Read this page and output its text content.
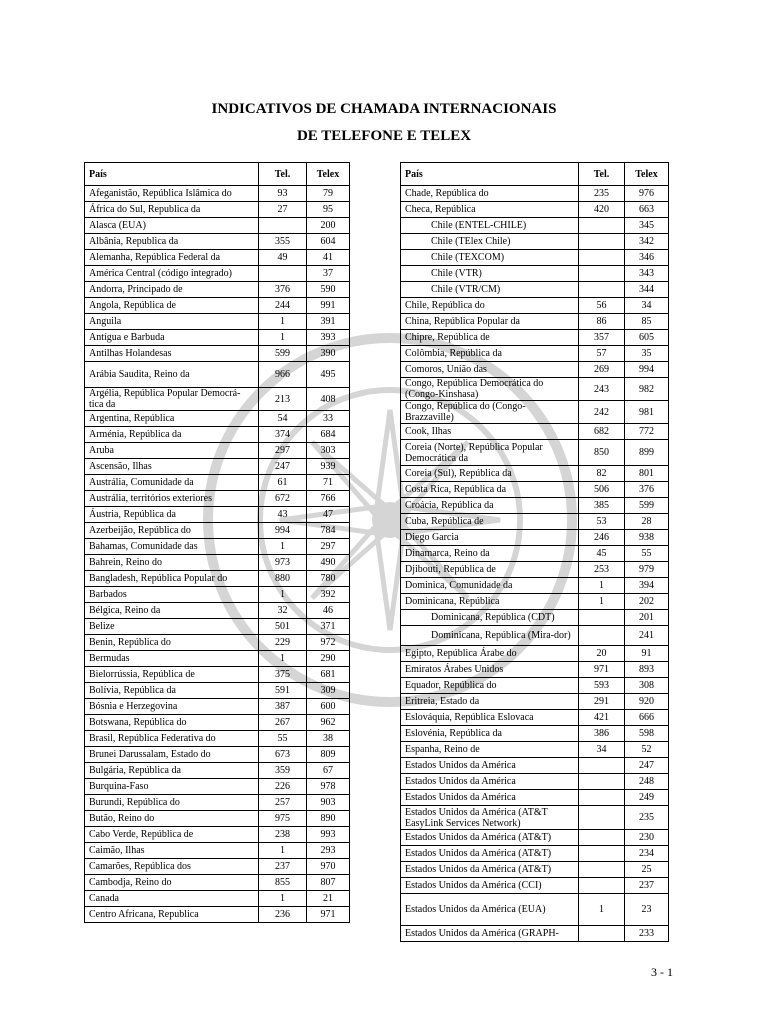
INDICATIVOS DE CHAMADA INTERNACIONAIS
DE TELEFONE E TELEX
País	Tel.	Telex
Afeganistão, República Islâmica do	93	79
África do Sul, Republica da	27	95
Alasca (EUA)		200
Albânia, Republica da	355	604
Alemanha, República Federal da	49	41
América Central (código integrado)		37
Andorra, Principado de	376	590
Angola, República de	244	991
Anguila	1	391
Antígua e Barbuda	1	393
Antilhas Holandesas	599	390
Arábia Saudita, Reino da	966	495
Argélia, República Popular Democrá-tica da	213	408
Argentina, República	54	33
Arménia, República da	374	684
Aruba	297	303
Ascensão, Ilhas	247	939
Austrália, Comunidade da	61	71
Austrália, territórios exteriores	672	766
Áustria, República da	43	47
Azerbeijão, República do	994	784
Bahamas, Comunidade das	1	297
Bahrein, Reino do	973	490
Bangladesh, República Popular do	880	780
Barbados	1	392
Bélgica, Reino da	32	46
Belize	501	371
Benin, República do	229	972
Bermudas	1	290
Bielorrússia, República de	375	681
Bolívia, República da	591	309
Bósnia e Herzegovina	387	600
Botswana, República do	267	962
Brasil, República Federativa do	55	38
Brunei Darussalam, Estado do	673	809
Bulgária, República da	359	67
Burquina-Faso	226	978
Burundi, República do	257	903
Butão, Reino do	975	890
Cabo Verde, República de	238	993
Caimão, Ilhas	1	293
Camarões, República dos	237	970
Cambodja, Reino do	855	807
Canada	1	21
Centro Africana, Republica	236	971
País	Tel.	Telex
Chade, República do	235	976
Checa, República	420	663
Chile (ENTEL-CHILE)		345
Chile (TElex Chile)		342
Chile (TEXCOM)		346
Chile (VTR)		343
Chile (VTR/CM)		344
Chile, República do	56	34
China, República Popular da	86	85
Chipre, República de	357	605
Colômbia, República da	57	35
Comoros, União das	269	994
Congo, República Democrática do (Congo-Kinshasa)	243	982
Congo, República do (Congo-Brazzaville)	242	981
Cook, Ilhas	682	772
Coreia (Norte), República Popular Democrática da	850	899
Coreia (Sul), República da	82	801
Costa Rica, República da	506	376
Croácia, República da	385	599
Cuba, República de	53	28
Diego Garcia	246	938
Dinamarca, Reino da	45	55
Djibouti, República de	253	979
Dominica, Comunidade da	1	394
Dominicana, República	1	202
Dominicana, República (CDT)		201
Dominicana, República (Mira-dor)		241
Egipto, República Árabe do	20	91
Emiratos Árabes Unidos	971	893
Equador, República do	593	308
Eritreia, Estado da	291	920
Eslováquia, República Eslovaca	421	666
Eslovénia, República da	386	598
Espanha, Reino de	34	52
Estados Unidos da América		247
Estados Unidos da América		248
Estados Unidos da América		249
Estados Unidos da América (AT&T EasyLink Services Network)		235
Estados Unidos da América (AT&T)		230
Estados Unidos da América (AT&T)		234
Estados Unidos da América (AT&T)		25
Estados Unidos da América (CCI)		237
Estados Unidos da América (EUA)	1	23
Estados Unidos da América (GRAPH-		233
3 - 1
